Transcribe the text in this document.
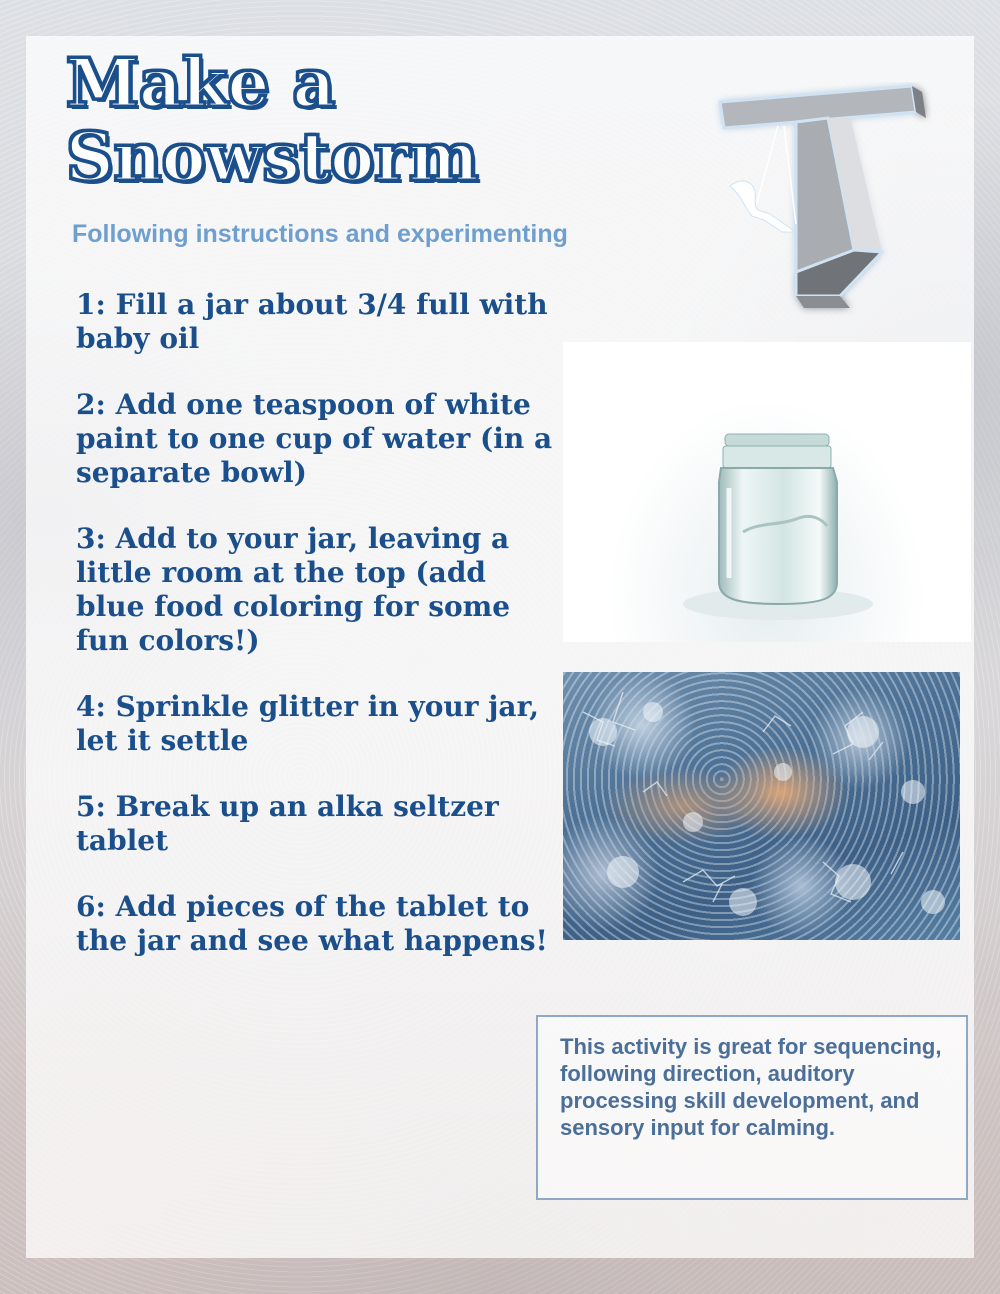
Make a
Snowstorm

Following instructions and experimenting

1: Fill a jar about 3/4 full with baby oil

2: Add one teaspoon of white paint to one cup of water (in a separate bowl)

3: Add to your jar, leaving a little room at the top (add blue food coloring for some fun colors!)

4: Sprinkle glitter in your jar, let it settle

5: Break up an alka seltzer tablet

6: Add pieces of the tablet to the jar and see what happens!

This activity is great for sequencing, following direction, auditory processing skill development, and sensory input for calming.
